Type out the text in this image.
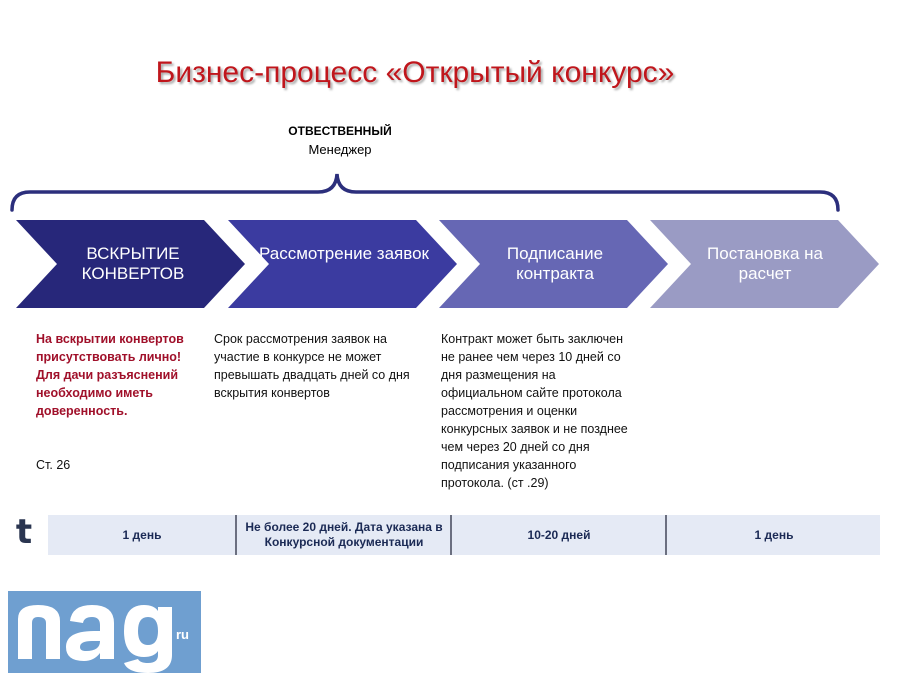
Бизнес-процесс «Открытый конкурс»
ОТВЕСТВЕННЫЙ
Менеджер
ВСКРЫТИЕ КОНВЕРТОВ
Рассмотрение заявок	Подписание контракта
Постановка на расчет
На вскрытии конвертов присутствовать лично! Для дачи разъяснений необходимо иметь доверенность.
Срок рассмотрения заявок на участие в конкурсе не может превышать двадцать дней со дня вскрытия конвертов
Контракт может быть заключен не ранее чем через 10 дней со дня размещения на официальном сайте протокола рассмотрения и оценки конкурсных заявок и не позднее чем через 20 дней со дня подписания указанного протокола. (ст .29)
Ст. 26
1 день
Не более 20 дней. Дата указана в Конкурсной документации
10-20 дней	1 день
t
ru
